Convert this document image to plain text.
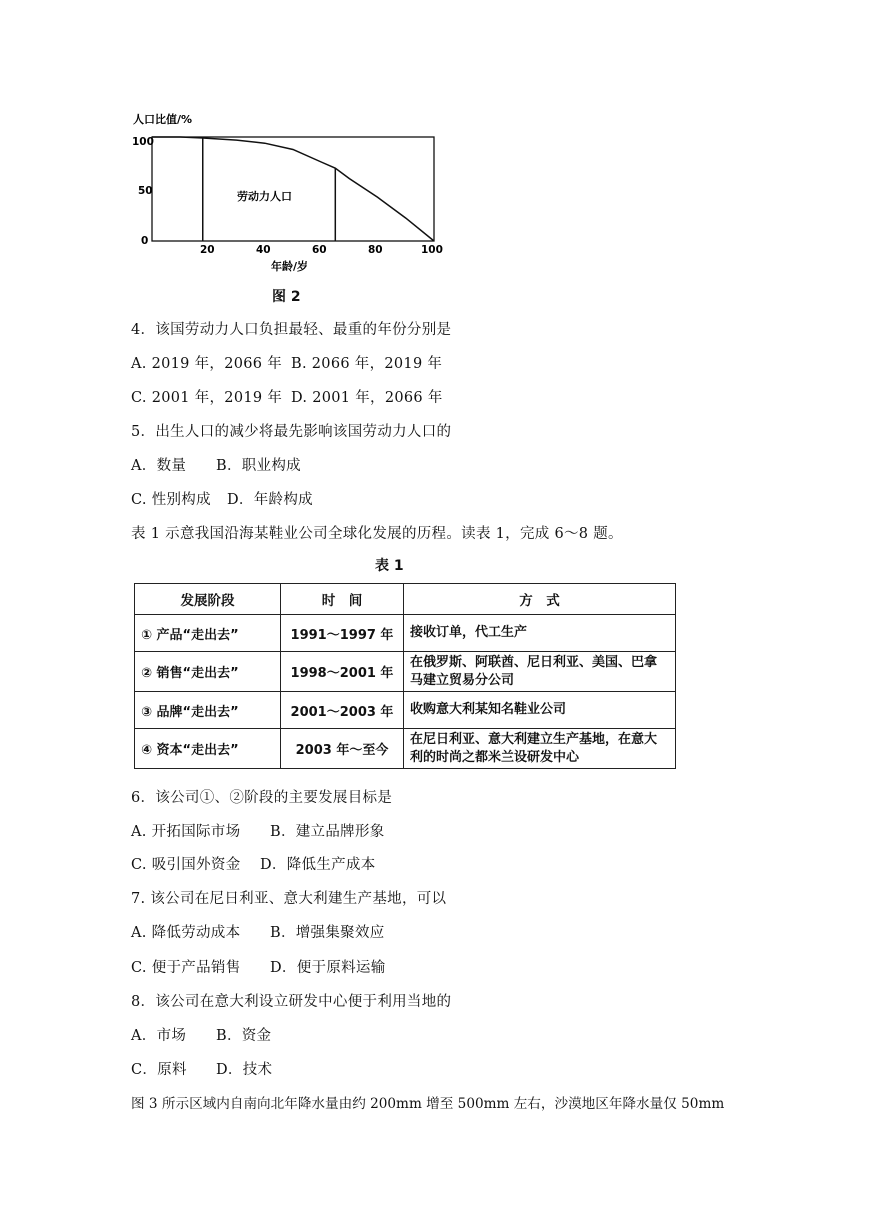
人口比值/%
100
50
0
20	40	60	80	100
年龄/岁
劳动力人口
图 2
4．该国劳动力人口负担最轻、最重的年份分别是
A. 2019 年，2066 年 B. 2066 年，2019 年
C. 2001 年，2019 年 D. 2001 年，2066 年
5．出生人口的减少将最先影响该国劳动力人口的
A．数量 B．职业构成
C. 性别构成 D．年龄构成
表 1 示意我国沿海某鞋业公司全球化发展的历程。读表 1，完成 6～8 题。
表 1
发展阶段	时　间	方　式
① 产品“走出去”	1991～1997 年	接收订单，代工生产
② 销售“走出去”	1998～2001 年	在俄罗斯、阿联酋、尼日利亚、美国、巴拿马建立贸易分公司
③ 品牌“走出去”	2001～2003 年	收购意大利某知名鞋业公司
④ 资本“走出去”	2003 年～至今	在尼日利亚、意大利建立生产基地，在意大利的时尚之都米兰设研发中心
6．该公司①、②阶段的主要发展目标是
A. 开拓国际市场 B．建立品牌形象
C. 吸引国外资金 D．降低生产成本
7. 该公司在尼日利亚、意大利建生产基地，可以
A. 降低劳动成本 B．增强集聚效应
C. 便于产品销售 D．便于原料运输
8．该公司在意大利设立研发中心便于利用当地的
A．市场 B．资金
C．原料 D．技术
图 3 所示区域内自南向北年降水量由约 200mm 增至 500mm 左右，沙漠地区年降水量仅 50mm
